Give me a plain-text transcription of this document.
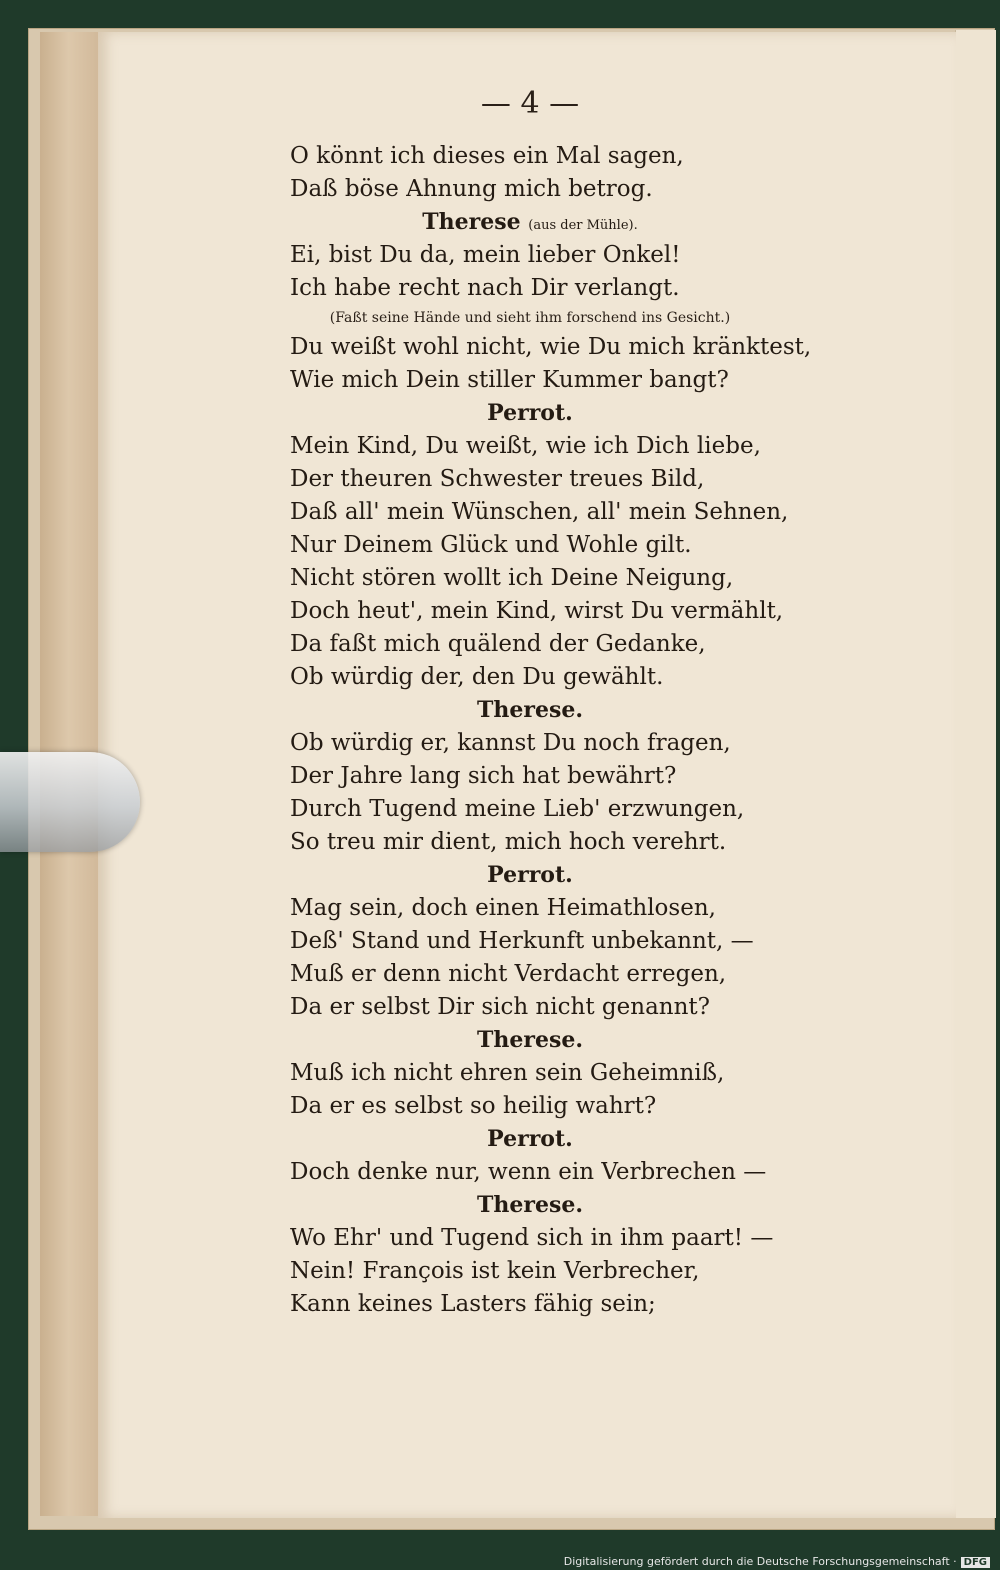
— 4 —

O könnt ich dieses ein Mal sagen,

Daß böse Ahnung mich betrog.

Therese (aus der Mühle).

Ei, bist Du da, mein lieber Onkel!

Ich habe recht nach Dir verlangt.

(Faßt seine Hände und sieht ihm forschend ins Gesicht.)

Du weißt wohl nicht, wie Du mich kränktest,

Wie mich Dein stiller Kummer bangt?

Perrot.

Mein Kind, Du weißt, wie ich Dich liebe,

Der theuren Schwester treues Bild,

Daß all' mein Wünschen, all' mein Sehnen,

Nur Deinem Glück und Wohle gilt.

Nicht stören wollt ich Deine Neigung,

Doch heut', mein Kind, wirst Du vermählt,

Da faßt mich quälend der Gedanke,

Ob würdig der, den Du gewählt.

Therese.

Ob würdig er, kannst Du noch fragen,

Der Jahre lang sich hat bewährt?

Durch Tugend meine Lieb' erzwungen,

So treu mir dient, mich hoch verehrt.

Perrot.

Mag sein, doch einen Heimathlosen,

Deß' Stand und Herkunft unbekannt, —

Muß er denn nicht Verdacht erregen,

Da er selbst Dir sich nicht genannt?

Therese.

Muß ich nicht ehren sein Geheimniß,

Da er es selbst so heilig wahrt?

Perrot.

Doch denke nur, wenn ein Verbrechen —

Therese.

Wo Ehr' und Tugend sich in ihm paart! —

Nein! François ist kein Verbrecher,

Kann keines Lasters fähig sein;

Digitalisierung gefördert durch die Deutsche Forschungsgemeinschaft · DFG
